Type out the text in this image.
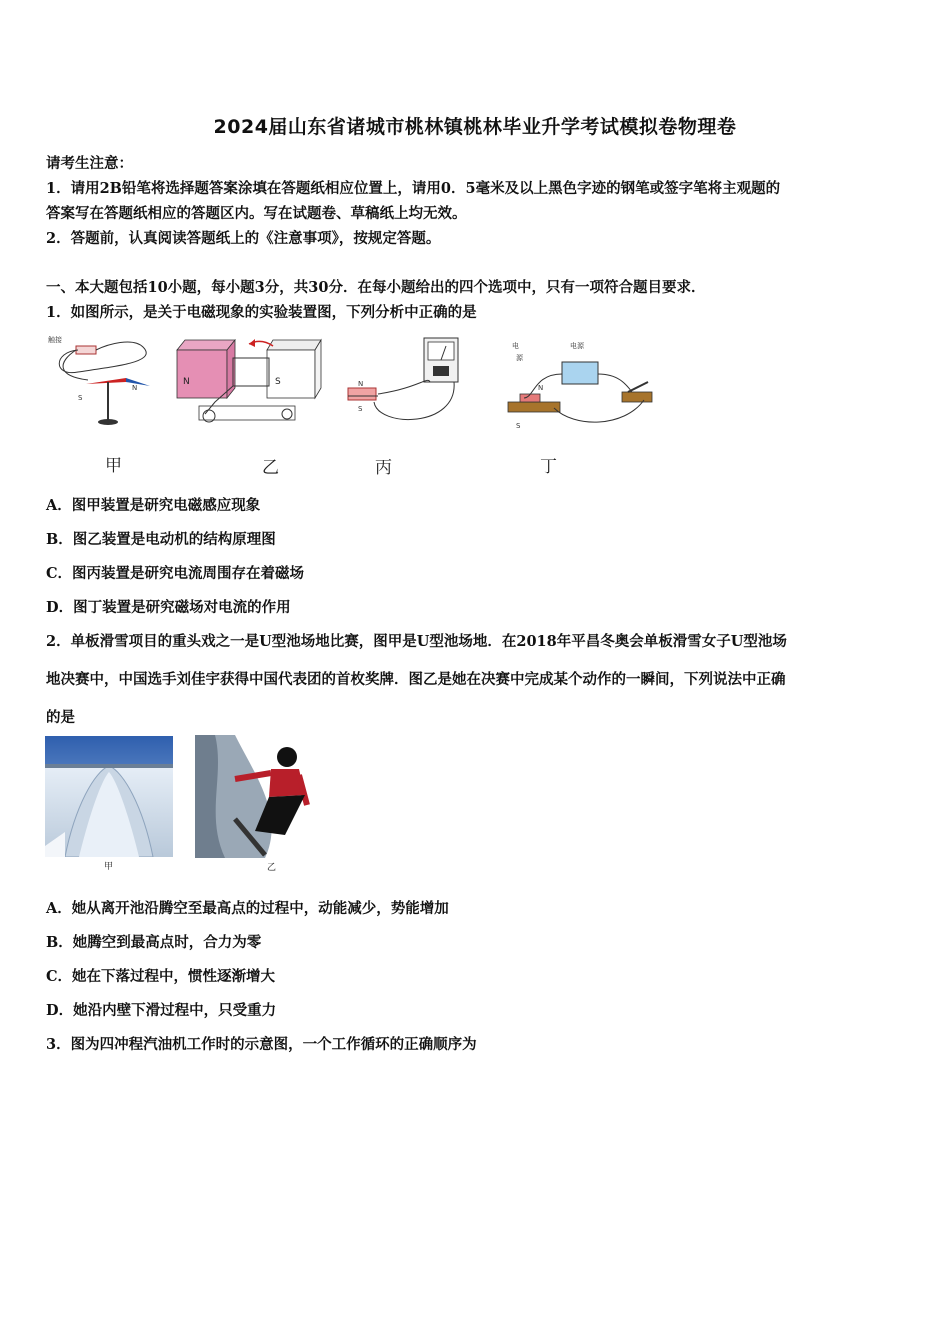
2024届山东省诸城市桃林镇桃林毕业升学考试模拟卷物理卷
请考生注意：
1．请用2B铅笔将选择题答案涂填在答题纸相应位置上，请用0．5毫米及以上黑色字迹的钢笔或签字笔将主观题的
答案写在答题纸相应的答题区内。写在试题卷、草稿纸上均无效。
2．答题前，认真阅读答题纸上的《注意事项》，按规定答题。
一、本大题包括10小题，每小题3分，共30分．在每小题给出的四个选项中，只有一项符合题目要求．
1．如图所示，是关于电磁现象的实验装置图，下列分析中正确的是
触接
S
N
N	S	N
S
电
源
电源
N
S
甲	乙	丙	丁
A．图甲装置是研究电磁感应现象
B．图乙装置是电动机的结构原理图
C．图丙装置是研究电流周围存在着磁场
D．图丁装置是研究磁场对电流的作用
2．单板滑雪项目的重头戏之一是U型池场地比赛，图甲是U型池场地．在2018年平昌冬奥会单板滑雪女子U型池场
地决赛中，中国选手刘佳宇获得中国代表团的首枚奖牌．图乙是她在决赛中完成某个动作的一瞬间，下列说法中正确
的是
甲	乙
A．她从离开池沿腾空至最高点的过程中，动能减少，势能增加
B．她腾空到最高点时，合力为零
C．她在下落过程中，惯性逐渐增大
D．她沿内壁下滑过程中，只受重力
3．图为四冲程汽油机工作时的示意图，一个工作循环的正确顺序为
